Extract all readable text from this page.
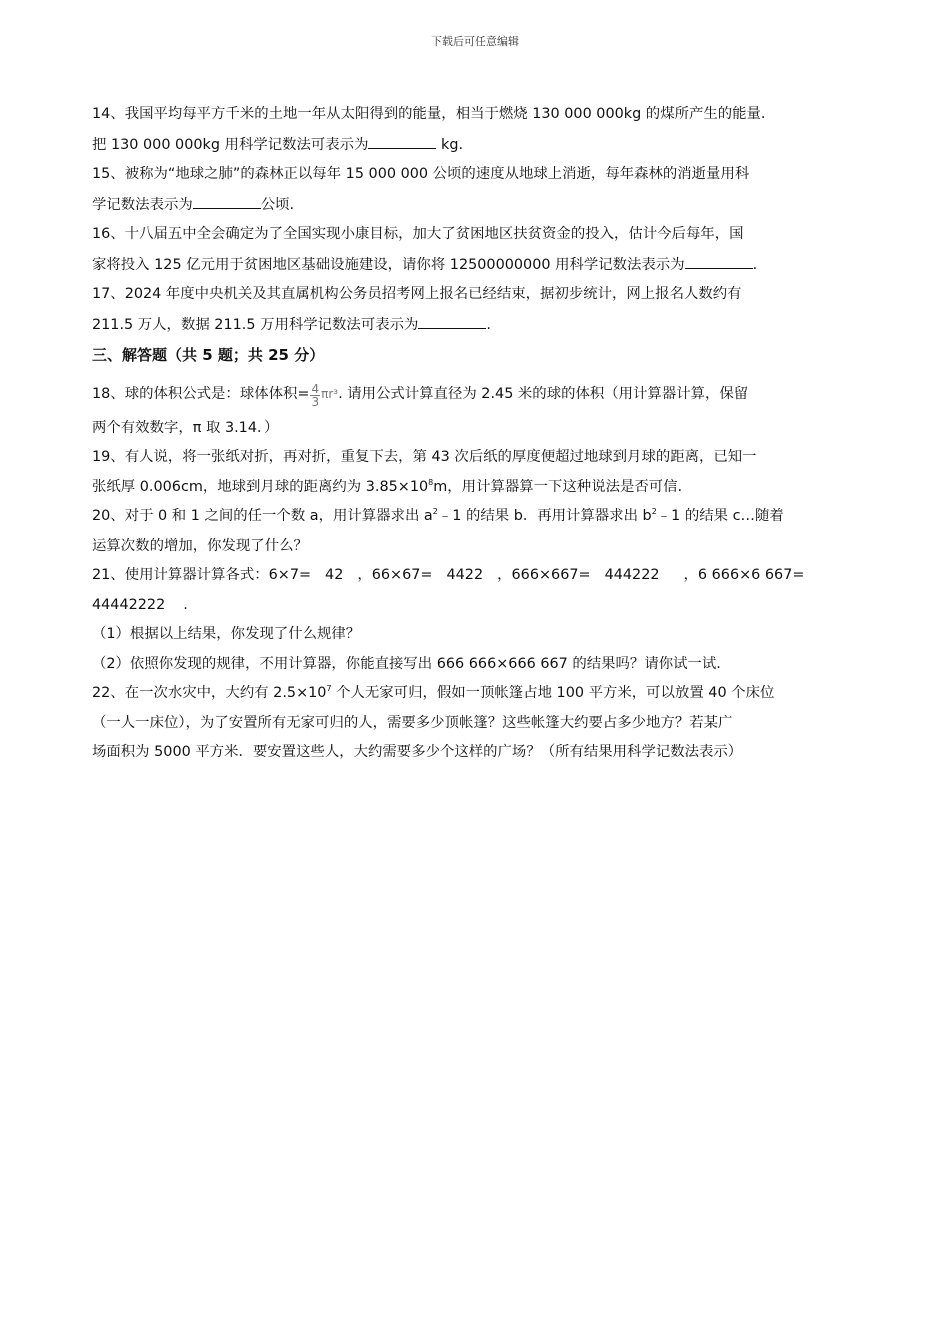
下载后可任意编辑

14、我国平均每平方千米的土地一年从太阳得到的能量，相当于燃烧 130 000 000kg 的煤所产生的能量.

把 130 000 000kg 用科学记数法可表示为	kg.

15、被称为“地球之肺”的森林正以每年 15 000 000 公顷的速度从地球上消逝，每年森林的消逝量用科

学记数法表示为	公顷.

16、十八届五中全会确定为了全国实现小康目标，加大了贫困地区扶贫资金的投入，估计今后每年，国

家将投入 125 亿元用于贫困地区基础设施建设，请你将 12500000000 用科学记数法表示为	.

17、2024 年度中央机关及其直属机构公务员招考网上报名已经结束，据初步统计，网上报名人数约有

211.5 万人，数据 211.5 万用科学记数法可表示为	.

三、解答题（共 5 题；共 25 分）

18、球的体积公式是：球体体积= $\frac{4}{3} \pi r^3$. 请用公式计算直径为 2.45 米的球的体积（用计算器计算，保留

两个有效数字，π 取 3.14．）

19、有人说，将一张纸对折，再对折，重复下去，第 43 次后纸的厚度便超过地球到月球的距离，已知一

张纸厚 0.006cm，地球到月球的距离约为 $3.85\times 10^8m$，用计算器算一下这种说法是否可信.

20、对于 0 和 1 之间的任一个数 a，用计算器求出 $a^2﹣1$ 的结果 b．再用计算器求出 $b^2﹣1$ 的结果 c…随着

运算次数的增加，你发现了什么？

21、使用计算器计算各式：6×7= 42 ，66×67= 4422 ，666×667= 444222 ，6 666×6 667=

44442222 .

（1）根据以上结果，你发现了什么规律？

（2）依照你发现的规律，不用计算器，你能直接写出 666 666×666 667 的结果吗？请你试一试.

22、在一次水灾中，大约有 $2.5\times 10^7$ 个人无家可归，假如一顶帐篷占地 100 平方米，可以放置 40 个床位

（一人一床位），为了安置所有无家可归的人，需要多少顶帐篷？这些帐篷大约要占多少地方？若某广

场面积为 5000 平方米．要安置这些人，大约需要多少个这样的广场？（所有结果用科学记数法表示）
